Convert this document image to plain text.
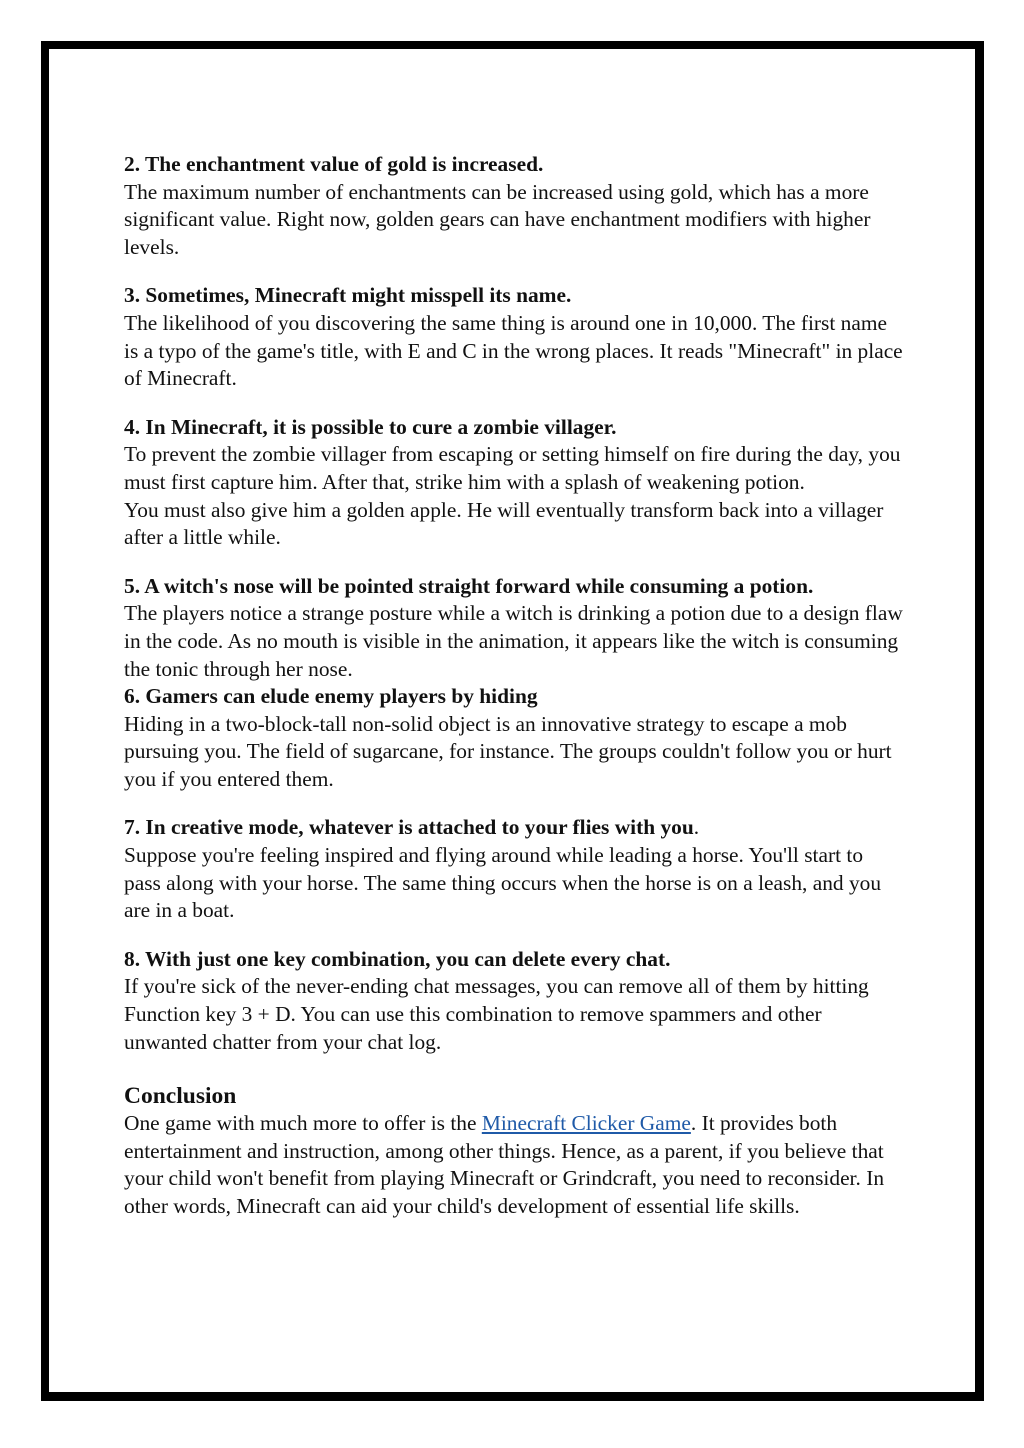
2. The enchantment value of gold is increased.

The maximum number of enchantments can be increased using gold, which has a more significant value. Right now, golden gears can have enchantment modifiers with higher levels.

3. Sometimes, Minecraft might misspell its name.

The likelihood of you discovering the same thing is around one in 10,000. The first name is a typo of the game's title, with E and C in the wrong places. It reads "Minecraft" in place of Minecraft.

4. In Minecraft, it is possible to cure a zombie villager.

To prevent the zombie villager from escaping or setting himself on fire during the day, you must first capture him. After that, strike him with a splash of weakening potion.

You must also give him a golden apple. He will eventually transform back into a villager after a little while.

5. A witch's nose will be pointed straight forward while consuming a potion.

The players notice a strange posture while a witch is drinking a potion due to a design flaw in the code. As no mouth is visible in the animation, it appears like the witch is consuming the tonic through her nose.

6. Gamers can elude enemy players by hiding

Hiding in a two-block-tall non-solid object is an innovative strategy to escape a mob pursuing you. The field of sugarcane, for instance. The groups couldn't follow you or hurt you if you entered them.

7. In creative mode, whatever is attached to your flies with you.

Suppose you're feeling inspired and flying around while leading a horse. You'll start to pass along with your horse. The same thing occurs when the horse is on a leash, and you are in a boat.

8. With just one key combination, you can delete every chat.

If you're sick of the never-ending chat messages, you can remove all of them by hitting Function key 3 + D. You can use this combination to remove spammers and other unwanted chatter from your chat log.

Conclusion

One game with much more to offer is the Minecraft Clicker Game. It provides both entertainment and instruction, among other things. Hence, as a parent, if you believe that your child won't benefit from playing Minecraft or Grindcraft, you need to reconsider. In other words, Minecraft can aid your child's development of essential life skills.
